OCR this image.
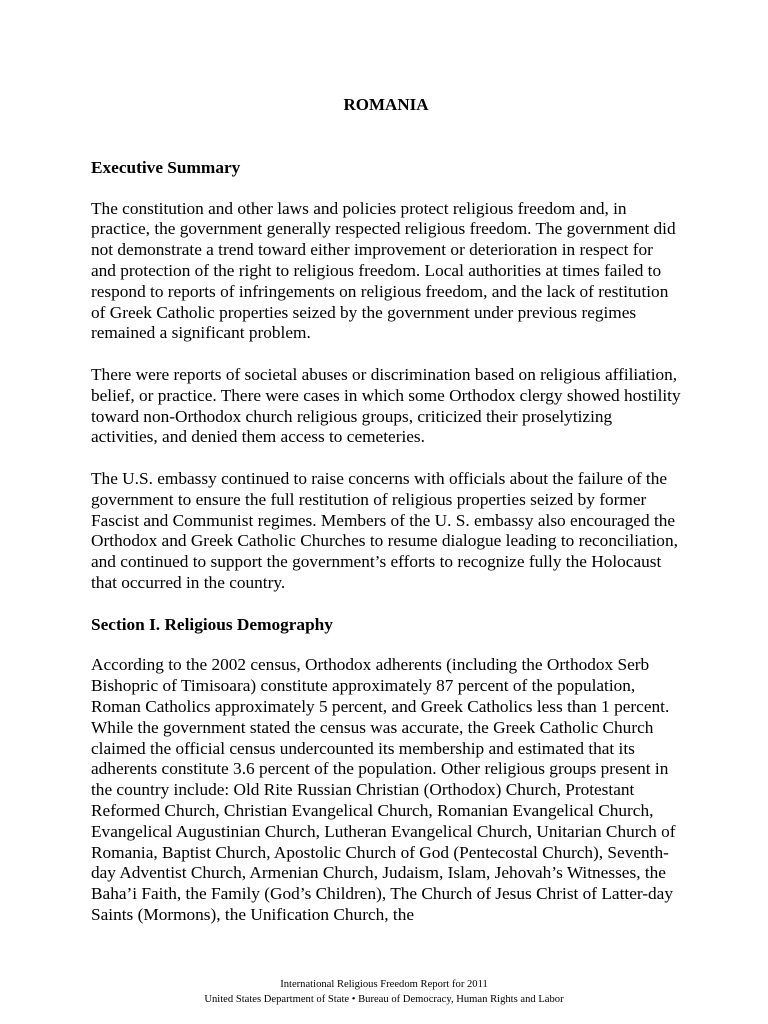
ROMANIA
Executive Summary

The constitution and other laws and policies protect religious freedom and, in practice, the government generally respected religious freedom. The government did not demonstrate a trend toward either improvement or deterioration in respect for and protection of the right to religious freedom. Local authorities at times failed to respond to reports of infringements on religious freedom, and the lack of restitution of Greek Catholic properties seized by the government under previous regimes remained a significant problem.

There were reports of societal abuses or discrimination based on religious affiliation, belief, or practice. There were cases in which some Orthodox clergy showed hostility toward non-Orthodox church religious groups, criticized their proselytizing activities, and denied them access to cemeteries.

The U.S. embassy continued to raise concerns with officials about the failure of the government to ensure the full restitution of religious properties seized by former Fascist and Communist regimes. Members of the U. S. embassy also encouraged the Orthodox and Greek Catholic Churches to resume dialogue leading to reconciliation, and continued to support the government’s efforts to recognize fully the Holocaust that occurred in the country.

Section I. Religious Demography

According to the 2002 census, Orthodox adherents (including the Orthodox Serb Bishopric of Timisoara) constitute approximately 87 percent of the population, Roman Catholics approximately 5 percent, and Greek Catholics less than 1 percent. While the government stated the census was accurate, the Greek Catholic Church claimed the official census undercounted its membership and estimated that its adherents constitute 3.6 percent of the population. Other religious groups present in the country include: Old Rite Russian Christian (Orthodox) Church, Protestant Reformed Church, Christian Evangelical Church, Romanian Evangelical Church, Evangelical Augustinian Church, Lutheran Evangelical Church, Unitarian Church of Romania, Baptist Church, Apostolic Church of God (Pentecostal Church), Seventh-day Adventist Church, Armenian Church, Judaism, Islam, Jehovah’s Witnesses, the Baha’i Faith, the Family (God’s Children), The Church of Jesus Christ of Latter-day Saints (Mormons), the Unification Church, the

International Religious Freedom Report for 2011
United States Department of State • Bureau of Democracy, Human Rights and Labor
